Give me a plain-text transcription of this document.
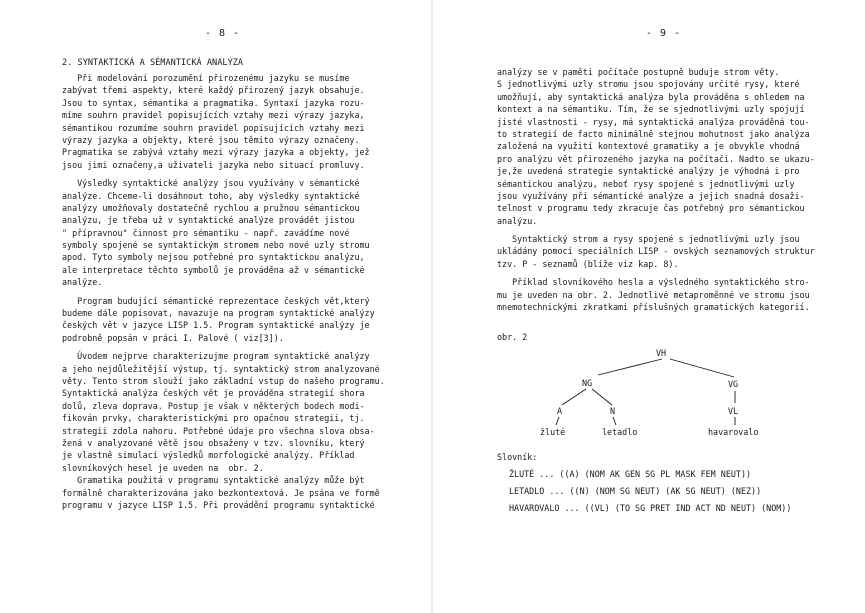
- 8 -
2. SYNTAKTICKÁ A SÉMANTICKÁ ANALÝZA
Při modelování porozumění přirozenému jazyku se musíme
zabývat třemi aspekty, které každý přirozený jazyk obsahuje.
Jsou to syntax, sémantika a pragmatika. Syntaxí jazyka rozu-
míme souhrn pravidel popisujících vztahy mezi výrazy jazyka,
sémantikou rozumíme souhrn pravidel popisujících vztahy mezi
výrazy jazyka a objekty, které jsou těmito výrazy označeny.
Pragmatika se zabývá vztahy mezi výrazy jazyka a objekty, jež
jsou jimi označeny,a uživateli jazyka nebo situací promluvy.
Výsledky syntaktické analýzy jsou využívány v sémantické
analýze. Chceme-li dosáhnout toho, aby výsledky syntaktické
analýzy umožňovaly dostatečně rychlou a pružnou sémantickou
analýzu, je třeba už v syntaktické analýze provádět jistou
" přípravnou" činnost pro sémantiku - např. zavádíme nové
symboly spojené se syntaktickým stromem nebo nové uzly stromu
apod. Tyto symboly nejsou potřebné pro syntaktickou analýzu,
ale interpretace těchto symbolů je prováděna až v sémantické
analýze.
Program budující sémantické reprezentace českých vět,který
budeme dále popisovat, navazuje na program syntaktické analýzy
českých vět v jazyce LISP 1.5. Program syntaktické analýzy je
podrobně popsán v práci I. Palové ( viz[3]).
Úvodem nejprve charakterizujme program syntaktické analýzy
a jeho nejdůležitější výstup, tj. syntaktický strom analyzované
věty. Tento strom slouží jako základní vstup do našeho programu.
Syntaktická analýza českých vět je prováděna strategií shora
dolů, zleva doprava. Postup je však v některých bodech modi-
fikován prvky, charakteristickými pro opačnou strategii, tj.
strategii zdola nahoru. Potřebné údaje pro všechna slova obsa-
žená v analyzované větě jsou obsaženy v tzv. slovníku, který
je vlastně simulací výsledků morfologické analýzy. Příklad
slovníkových hesel je uveden na  obr. 2.
Gramatika použitá v programu syntaktické analýzy může být
formálně charakterizována jako bezkontextová. Je psána ve formě
programu v jazyce LISP 1.5. Při provádění programu syntaktické
- 9 -
analýzy se v paměti počítače postupně buduje strom věty.
S jednotlivými uzly stromu jsou spojovány určité rysy, které
umožňují, aby syntaktická analýza byla prováděna s ohledem na
kontext a na sémantiku. Tím, že se sjednotlivými uzly spojují
jisté vlastnosti - rysy, má syntaktická analýza prováděná tou-
to strategií de facto minimálně stejnou mohutnost jako analýza
založená na využití kontextové gramatiky a je obvykle vhodná
pro analýzu vět přirozeného jazyka na počítači. Nadto se ukazu-
je,že uvedená strategie syntaktické analýzy je výhodná i pro
sémantickou analýzu, neboť rysy spojené s jednotlivými uzly
jsou využívány při sémantické analýze a jejich snadná dosaži-
telnost v programu tedy zkracuje čas potřebný pro sémantickou
analýzu.
Syntaktický strom a rysy spojené s jednotlivými uzly jsou
ukládány pomocí speciálních LISP - ovských seznamových struktur
tzv. P - seznamů (blíže viz kap. 8).
Příklad slovníkového hesla a výsledného syntaktického stro-
mu je uveden na obr. 2. Jednotlivé metaproměnné ve stromu jsou
mnemotechnickými zkratkami příslušných gramatických kategorií.
obr. 2
VH
NG	VG
A	N	VL
žluté	letadlo	havarovalo
Slovník:
ŽLUTÉ ... ((A) (NOM AK GEN SG PL MASK FEM NEUT))
LETADLO ... ((N) (NOM SG NEUT) (AK SG NEUT) (NEZ))
HAVAROVALO ... ((VL) (TO SG PRET IND ACT ND NEUT) (NOM))
